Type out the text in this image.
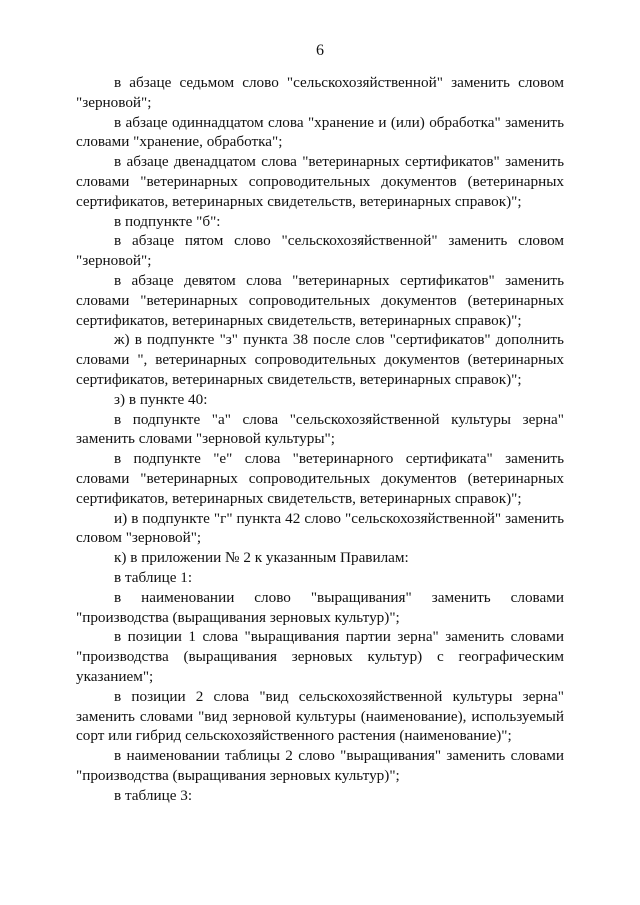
6

в абзаце седьмом слово "сельскохозяйственной" заменить словом "зерновой";

в абзаце одиннадцатом слова "хранение и (или) обработка" заменить словами "хранение, обработка";

в абзаце двенадцатом слова "ветеринарных сертификатов" заменить словами "ветеринарных сопроводительных документов (ветеринарных сертификатов, ветеринарных свидетельств, ветеринарных справок)";

в подпункте "б":

в абзаце пятом слово "сельскохозяйственной" заменить словом "зерновой";

в абзаце девятом слова "ветеринарных сертификатов" заменить словами "ветеринарных сопроводительных документов (ветеринарных сертификатов, ветеринарных свидетельств, ветеринарных справок)";

ж) в подпункте "з" пункта 38 после слов "сертификатов" дополнить словами ", ветеринарных сопроводительных документов (ветеринарных сертификатов, ветеринарных свидетельств, ветеринарных справок)";

з) в пункте 40:

в подпункте "а" слова "сельскохозяйственной культуры зерна" заменить словами "зерновой культуры";

в подпункте "е" слова "ветеринарного сертификата" заменить словами "ветеринарных сопроводительных документов (ветеринарных сертификатов, ветеринарных свидетельств, ветеринарных справок)";

и) в подпункте "г" пункта 42 слово "сельскохозяйственной" заменить словом "зерновой";

к) в приложении № 2 к указанным Правилам:

в таблице 1:

в наименовании слово "выращивания" заменить словами "производства (выращивания зерновых культур)";

в позиции 1 слова "выращивания партии зерна" заменить словами "производства (выращивания зерновых культур) с географическим указанием";

в позиции 2 слова "вид сельскохозяйственной культуры зерна" заменить словами "вид зерновой культуры (наименование), используемый сорт или гибрид сельскохозяйственного растения (наименование)";

в наименовании таблицы 2 слово "выращивания" заменить словами "производства (выращивания зерновых культур)";

в таблице 3:
